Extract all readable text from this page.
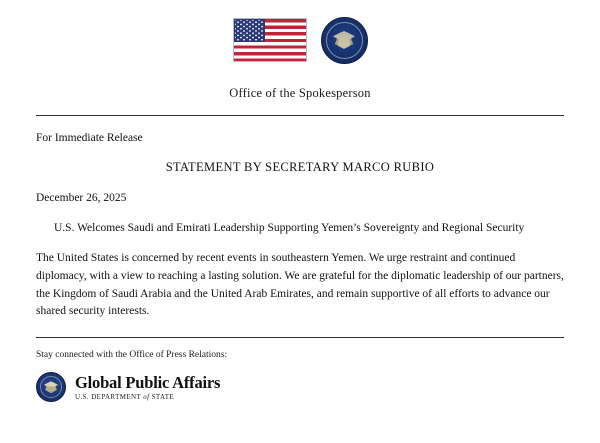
Office of the Spokesperson
For Immediate Release
STATEMENT BY SECRETARY MARCO RUBIO
December 26, 2025
U.S. Welcomes Saudi and Emirati Leadership Supporting Yemen’s Sovereignty and Regional Security
The United States is concerned by recent events in southeastern Yemen. We urge restraint and continued diplomacy, with a view to reaching a lasting solution. We are grateful for the diplomatic leadership of our partners, the Kingdom of Saudi Arabia and the United Arab Emirates, and remain supportive of all efforts to advance our shared security interests.
Stay connected with the Office of Press Relations:
Global Public Affairs
U.S. DEPARTMENT of STATE
